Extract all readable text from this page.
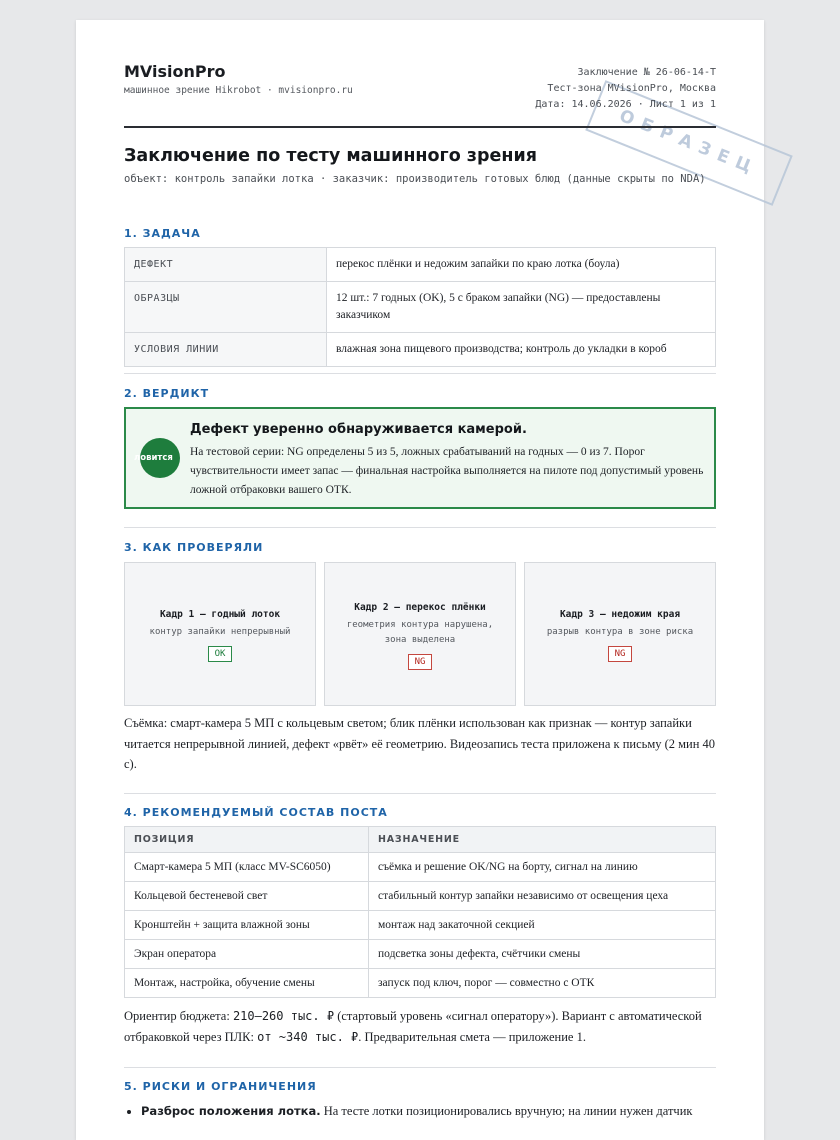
ОБРАЗЕЦ
MVisionPro
машинное зрение Hikrobot · mvisionpro.ru
Заключение № 26-06-14-Т
Тест-зона MVisionPro, Москва
Дата: 14.06.2026 · Лист 1 из 1
Заключение по тесту машинного зрения
объект: контроль запайки лотка · заказчик: производитель готовых блюд (данные скрыты по NDA)
1. ЗАДАЧА
ДЕФЕКТ	перекос плёнки и недожим запайки по краю лотка (боула)
ОБРАЗЦЫ	12 шт.: 7 годных (OK), 5 с браком запайки (NG) — предоставлены заказчиком
УСЛОВИЯ ЛИНИИ	влажная зона пищевого производства; контроль до укладки в короб
2. ВЕРДИКТ
ловится
Дефект уверенно обнаруживается камерой.
На тестовой серии: NG определены 5 из 5, ложных срабатываний на годных — 0 из 7. Порог чувствительности имеет запас — финальная настройка выполняется на пилоте под допустимый уровень ложной отбраковки вашего ОТК.
3. КАК ПРОВЕРЯЛИ
Кадр 1 — годный лоток
контур запайки непрерывный
OK
Кадр 2 — перекос плёнки
геометрия контура нарушена, зона выделена
NG
Кадр 3 — недожим края
разрыв контура в зоне риска
NG
Съёмка: смарт-камера 5 МП с кольцевым светом; блик плёнки использован как признак — контур запайки читается непрерывной линией, дефект «рвёт» её геометрию. Видеозапись теста приложена к письму (2 мин 40 с).
4. РЕКОМЕНДУЕМЫЙ СОСТАВ ПОСТА
ПОЗИЦИЯ	НАЗНАЧЕНИЕ
Смарт-камера 5 МП (класс MV-SC6050)	съёмка и решение OK/NG на борту, сигнал на линию
Кольцевой бестеневой свет	стабильный контур запайки независимо от освещения цеха
Кронштейн + защита влажной зоны	монтаж над закаточной секцией
Экран оператора	подсветка зоны дефекта, счётчики смены
Монтаж, настройка, обучение смены	запуск под ключ, порог — совместно с ОТК
Ориентир бюджета: 210–260 тыс. ₽ (стартовый уровень «сигнал оператору»). Вариант с автоматической отбраковкой через ПЛК: от ~340 тыс. ₽. Предварительная смета — приложение 1.
5. РИСКИ И ОГРАНИЧЕНИЯ
• Разброс положения лотка. На тесте лотки позиционировались вручную; на линии нужен датчик
